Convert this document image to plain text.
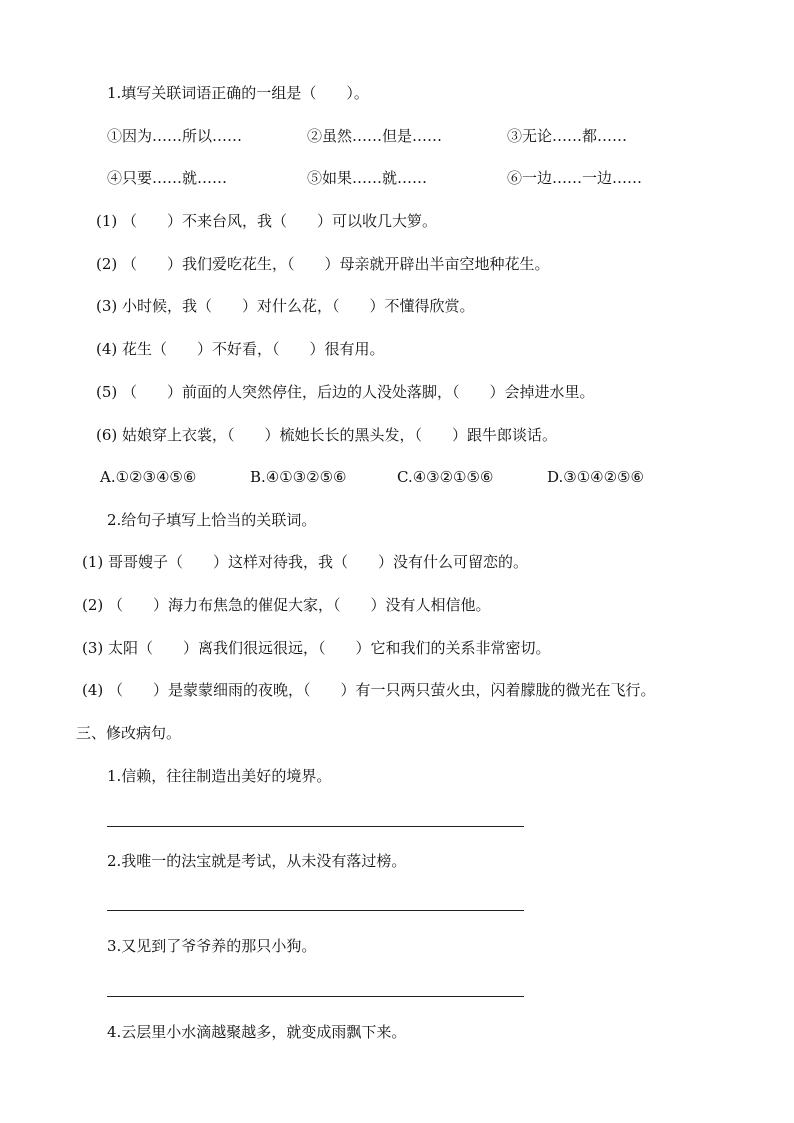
1.填写关联词语正确的一组是（　　）。
①因为……所以……	②虽然……但是……	③无论……都……
④只要……就……	⑤如果……就……	⑥一边……一边……
(1) （　　）不来台风，我（　　）可以收几大箩。
(2) （　　）我们爱吃花生，（　　）母亲就开辟出半亩空地种花生。
(3) 小时候，我（　　）对什么花，（　　）不懂得欣赏。
(4) 花生（　　）不好看，（　　）很有用。
(5) （　　）前面的人突然停住，后边的人没处落脚，（　　）会掉进水里。
(6) 姑娘穿上衣裳，（　　）梳她长长的黑头发，（　　）跟牛郎谈话。
A.①②③④⑤⑥	B.④①③②⑤⑥	C.④③②①⑤⑥	D.③①④②⑤⑥
2.给句子填写上恰当的关联词。
(1) 哥哥嫂子（　　）这样对待我，我（　　）没有什么可留恋的。
(2) （　　）海力布焦急的催促大家，（　　）没有人相信他。
(3) 太阳（　　）离我们很远很远，（　　）它和我们的关系非常密切。
(4) （　　）是蒙蒙细雨的夜晚，（　　）有一只两只萤火虫，闪着朦胧的微光在飞行。
三、修改病句。
1.信赖，往往制造出美好的境界。
2.我唯一的法宝就是考试，从未没有落过榜。
3.又见到了爷爷养的那只小狗。
4.云层里小水滴越聚越多，就变成雨飘下来。
